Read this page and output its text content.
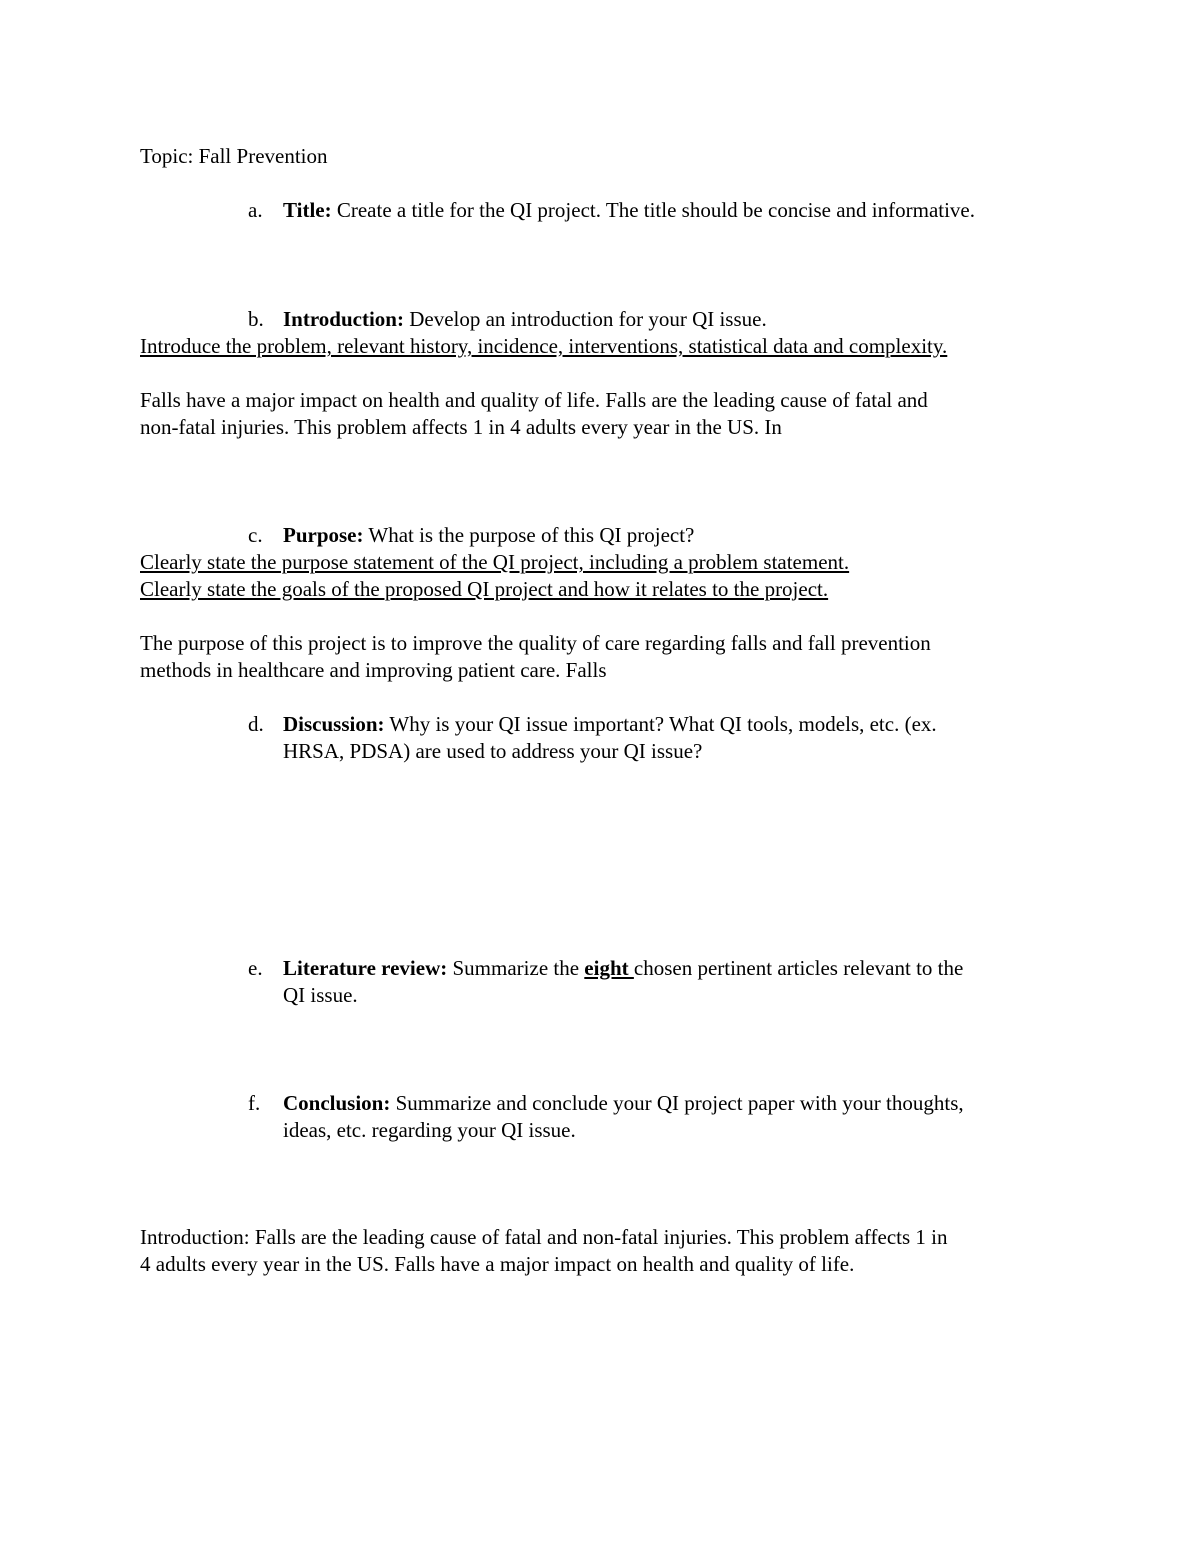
Topic: Fall Prevention
a. Title: Create a title for the QI project. The title should be concise and informative.
b. Introduction: Develop an introduction for your QI issue.
Introduce the problem, relevant history, incidence, interventions, statistical data and complexity.
Falls have a major impact on health and quality of life. Falls are the leading cause of fatal and
non-fatal injuries. This problem affects 1 in 4 adults every year in the US. In
c. Purpose: What is the purpose of this QI project?
Clearly state the purpose statement of the QI project, including a problem statement.
Clearly state the goals of the proposed QI project and how it relates to the project.
The purpose of this project is to improve the quality of care regarding falls and fall prevention
methods in healthcare and improving patient care. Falls
d. Discussion: Why is your QI issue important? What QI tools, models, etc. (ex.
HRSA, PDSA) are used to address your QI issue?
e. Literature review: Summarize the eight chosen pertinent articles relevant to the
QI issue.
f. Conclusion: Summarize and conclude your QI project paper with your thoughts,
ideas, etc. regarding your QI issue.
Introduction: Falls are the leading cause of fatal and non-fatal injuries. This problem affects 1 in
4 adults every year in the US. Falls have a major impact on health and quality of life.
